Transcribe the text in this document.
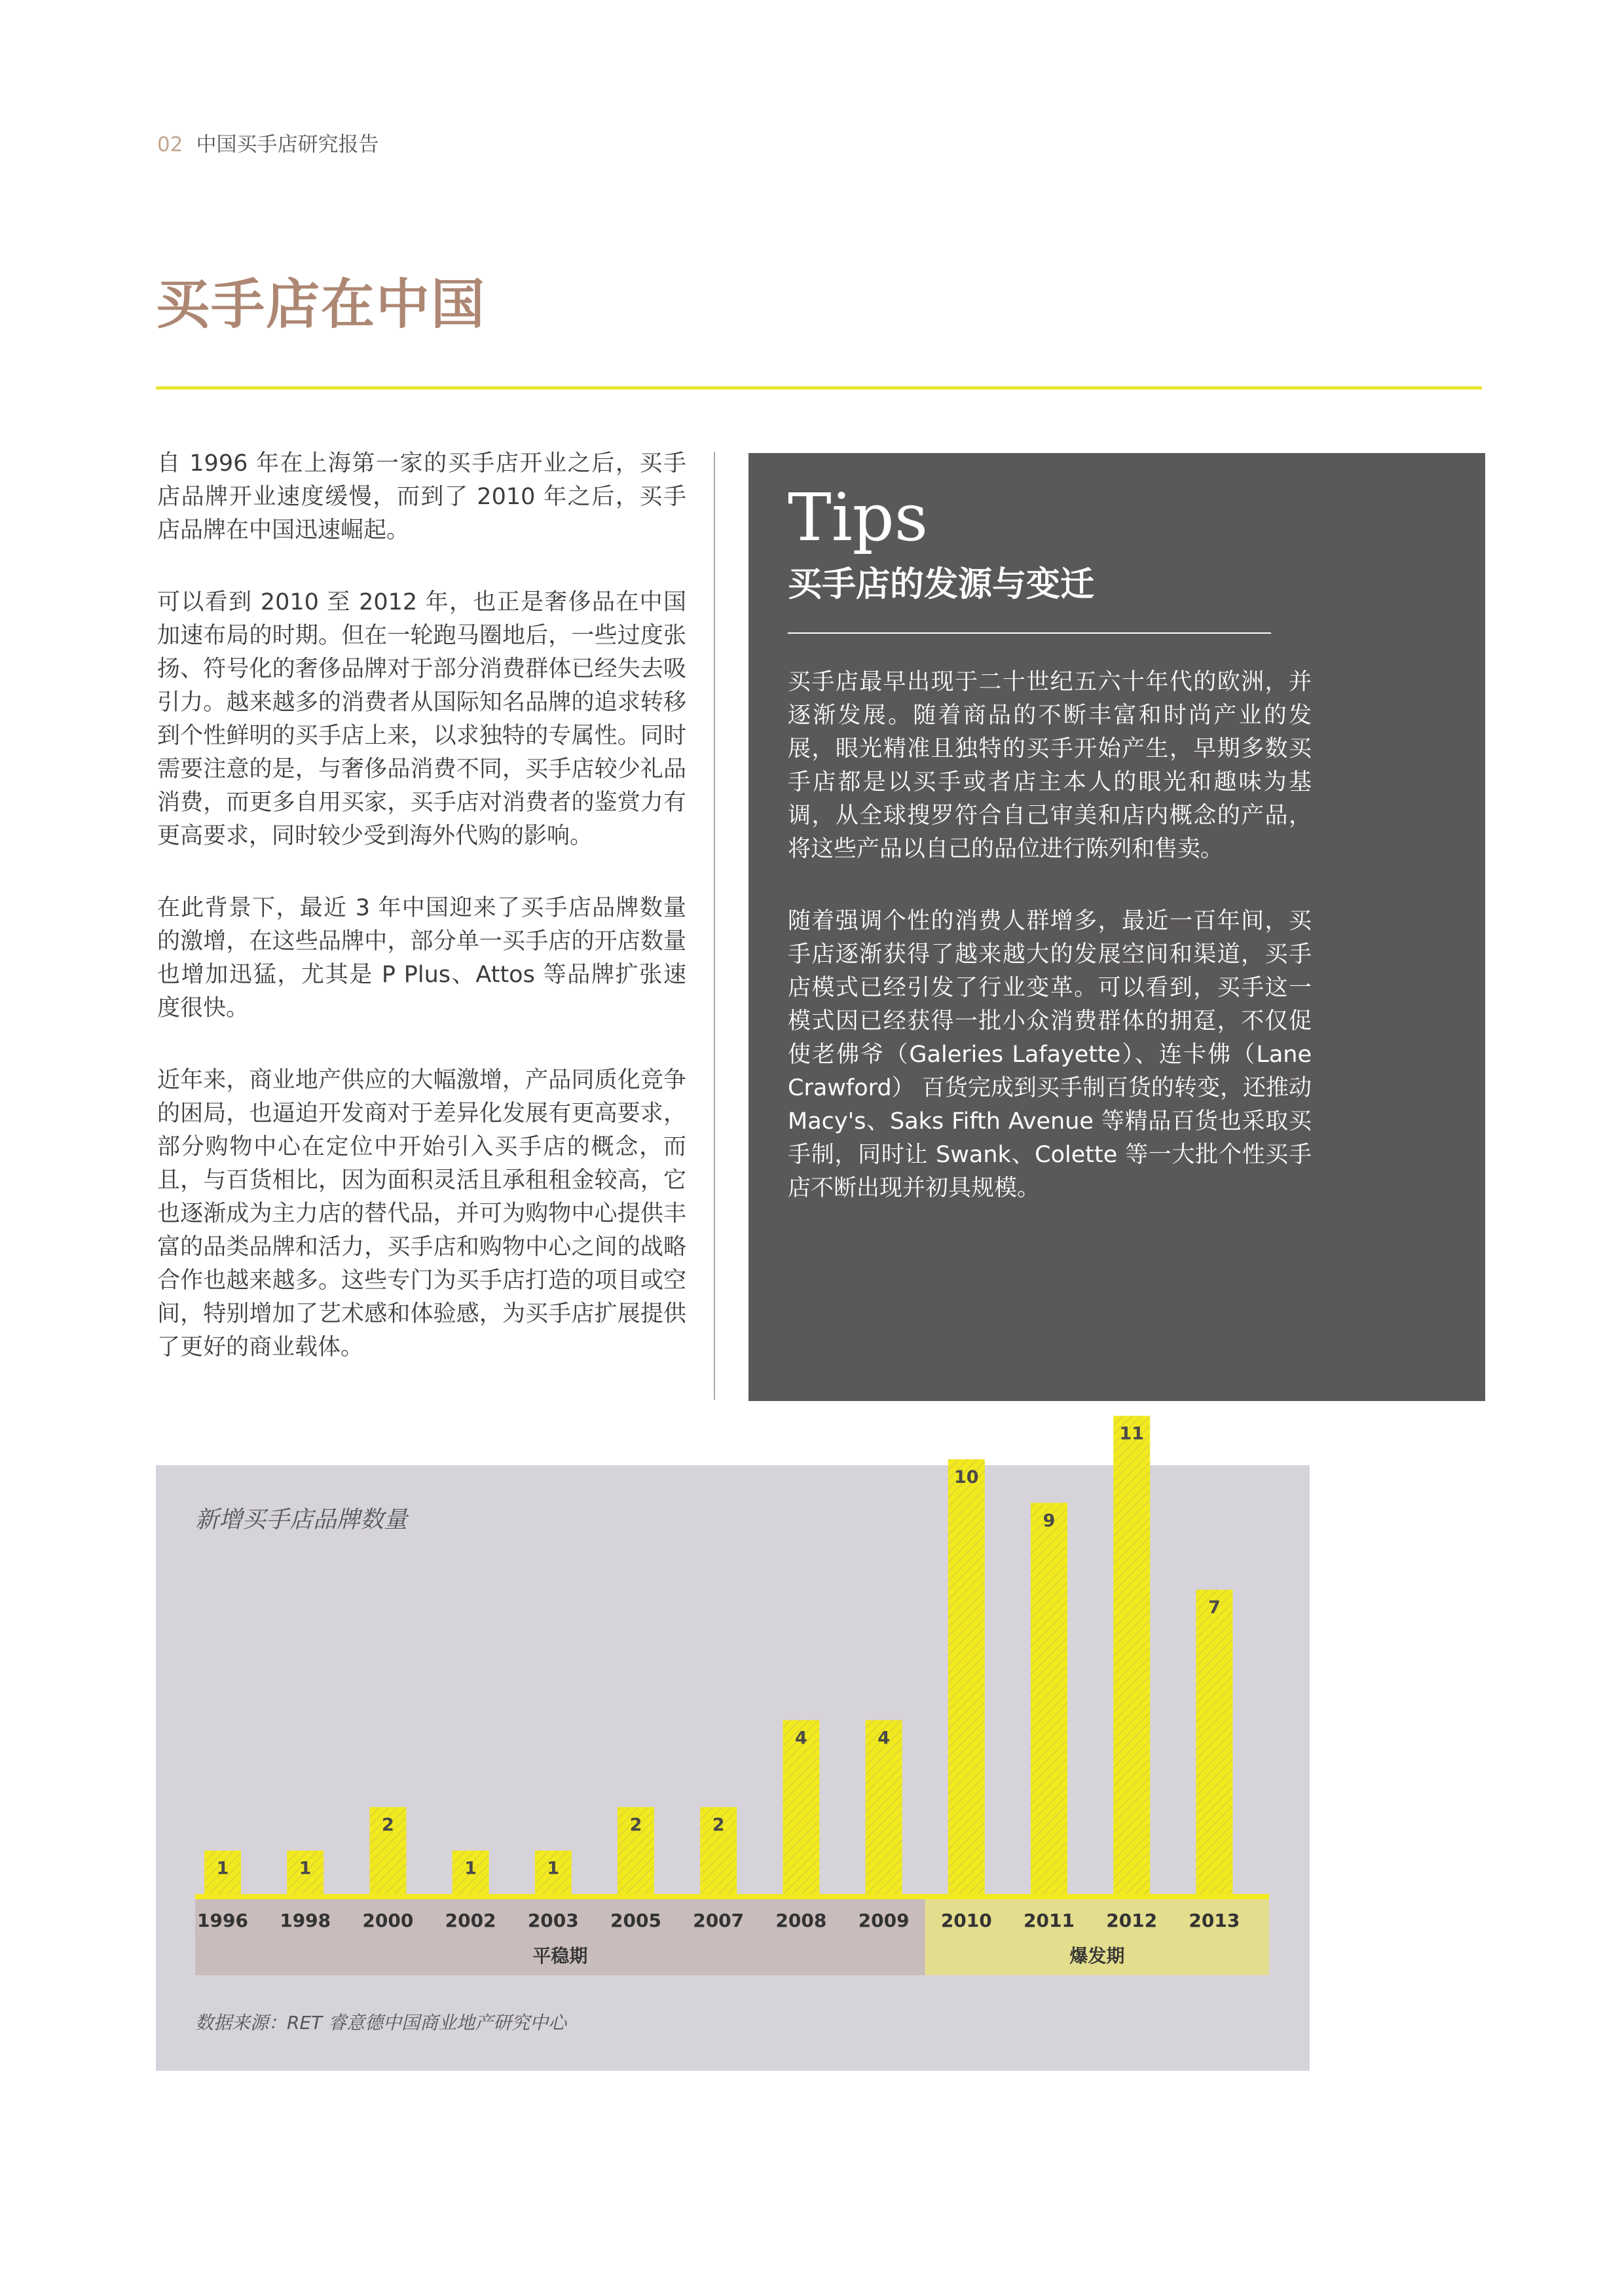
02 中国买手店研究报告
买手店在中国

自 1996 年在上海第一家的买手店开业之后，买手店品牌开业速度缓慢，而到了 2010 年之后，买手店品牌在中国迅速崛起。

可以看到 2010 至 2012 年，也正是奢侈品在中国加速布局的时期。但在一轮跑马圈地后，一些过度张扬、符号化的奢侈品牌对于部分消费群体已经失去吸引力。越来越多的消费者从国际知名品牌的追求转移到个性鲜明的买手店上来，以求独特的专属性。同时需要注意的是，与奢侈品消费不同，买手店较少礼品消费，而更多自用买家，买手店对消费者的鉴赏力有更高要求，同时较少受到海外代购的影响。

在此背景下，最近 3 年中国迎来了买手店品牌数量的激增，在这些品牌中，部分单一买手店的开店数量也增加迅猛，尤其是 P Plus、Attos 等品牌扩张速度很快。

近年来，商业地产供应的大幅激增，产品同质化竞争的困局，也逼迫开发商对于差异化发展有更高要求，部分购物中心在定位中开始引入买手店的概念，而且，与百货相比，因为面积灵活且承租租金较高，它也逐渐成为主力店的替代品，并可为购物中心提供丰富的品类品牌和活力，买手店和购物中心之间的战略合作也越来越多。这些专门为买手店打造的项目或空间，特别增加了艺术感和体验感，为买手店扩展提供了更好的商业载体。

Tips
买手店的发源与变迁

买手店最早出现于二十世纪五六十年代的欧洲，并逐渐发展。随着商品的不断丰富和时尚产业的发展，眼光精准且独特的买手开始产生，早期多数买手店都是以买手或者店主本人的眼光和趣味为基调，从全球搜罗符合自己审美和店内概念的产品，将这些产品以自己的品位进行陈列和售卖。

随着强调个性的消费人群增多，最近一百年间，买手店逐渐获得了越来越大的发展空间和渠道，买手店模式已经引发了行业变革。可以看到，买手这一模式因已经获得一批小众消费群体的拥趸，不仅促使老佛爷（Galeries Lafayette）、连卡佛（Lane Crawford） 百货完成到买手制百货的转变，还推动 Macy's、Saks Fifth Avenue 等精品百货也采取买手制，同时让 Swank、Colette 等一大批个性买手店不断出现并初具规模。

新增买手店品牌数量
平稳期	爆发期
1
1996
1
1998
2
2000
1
2002
1
2003
2
2005
2
2007
4
2008
4
2009
10
2010
9
2011
11
2012
7
2013
数据来源：RET 睿意德中国商业地产研究中心
